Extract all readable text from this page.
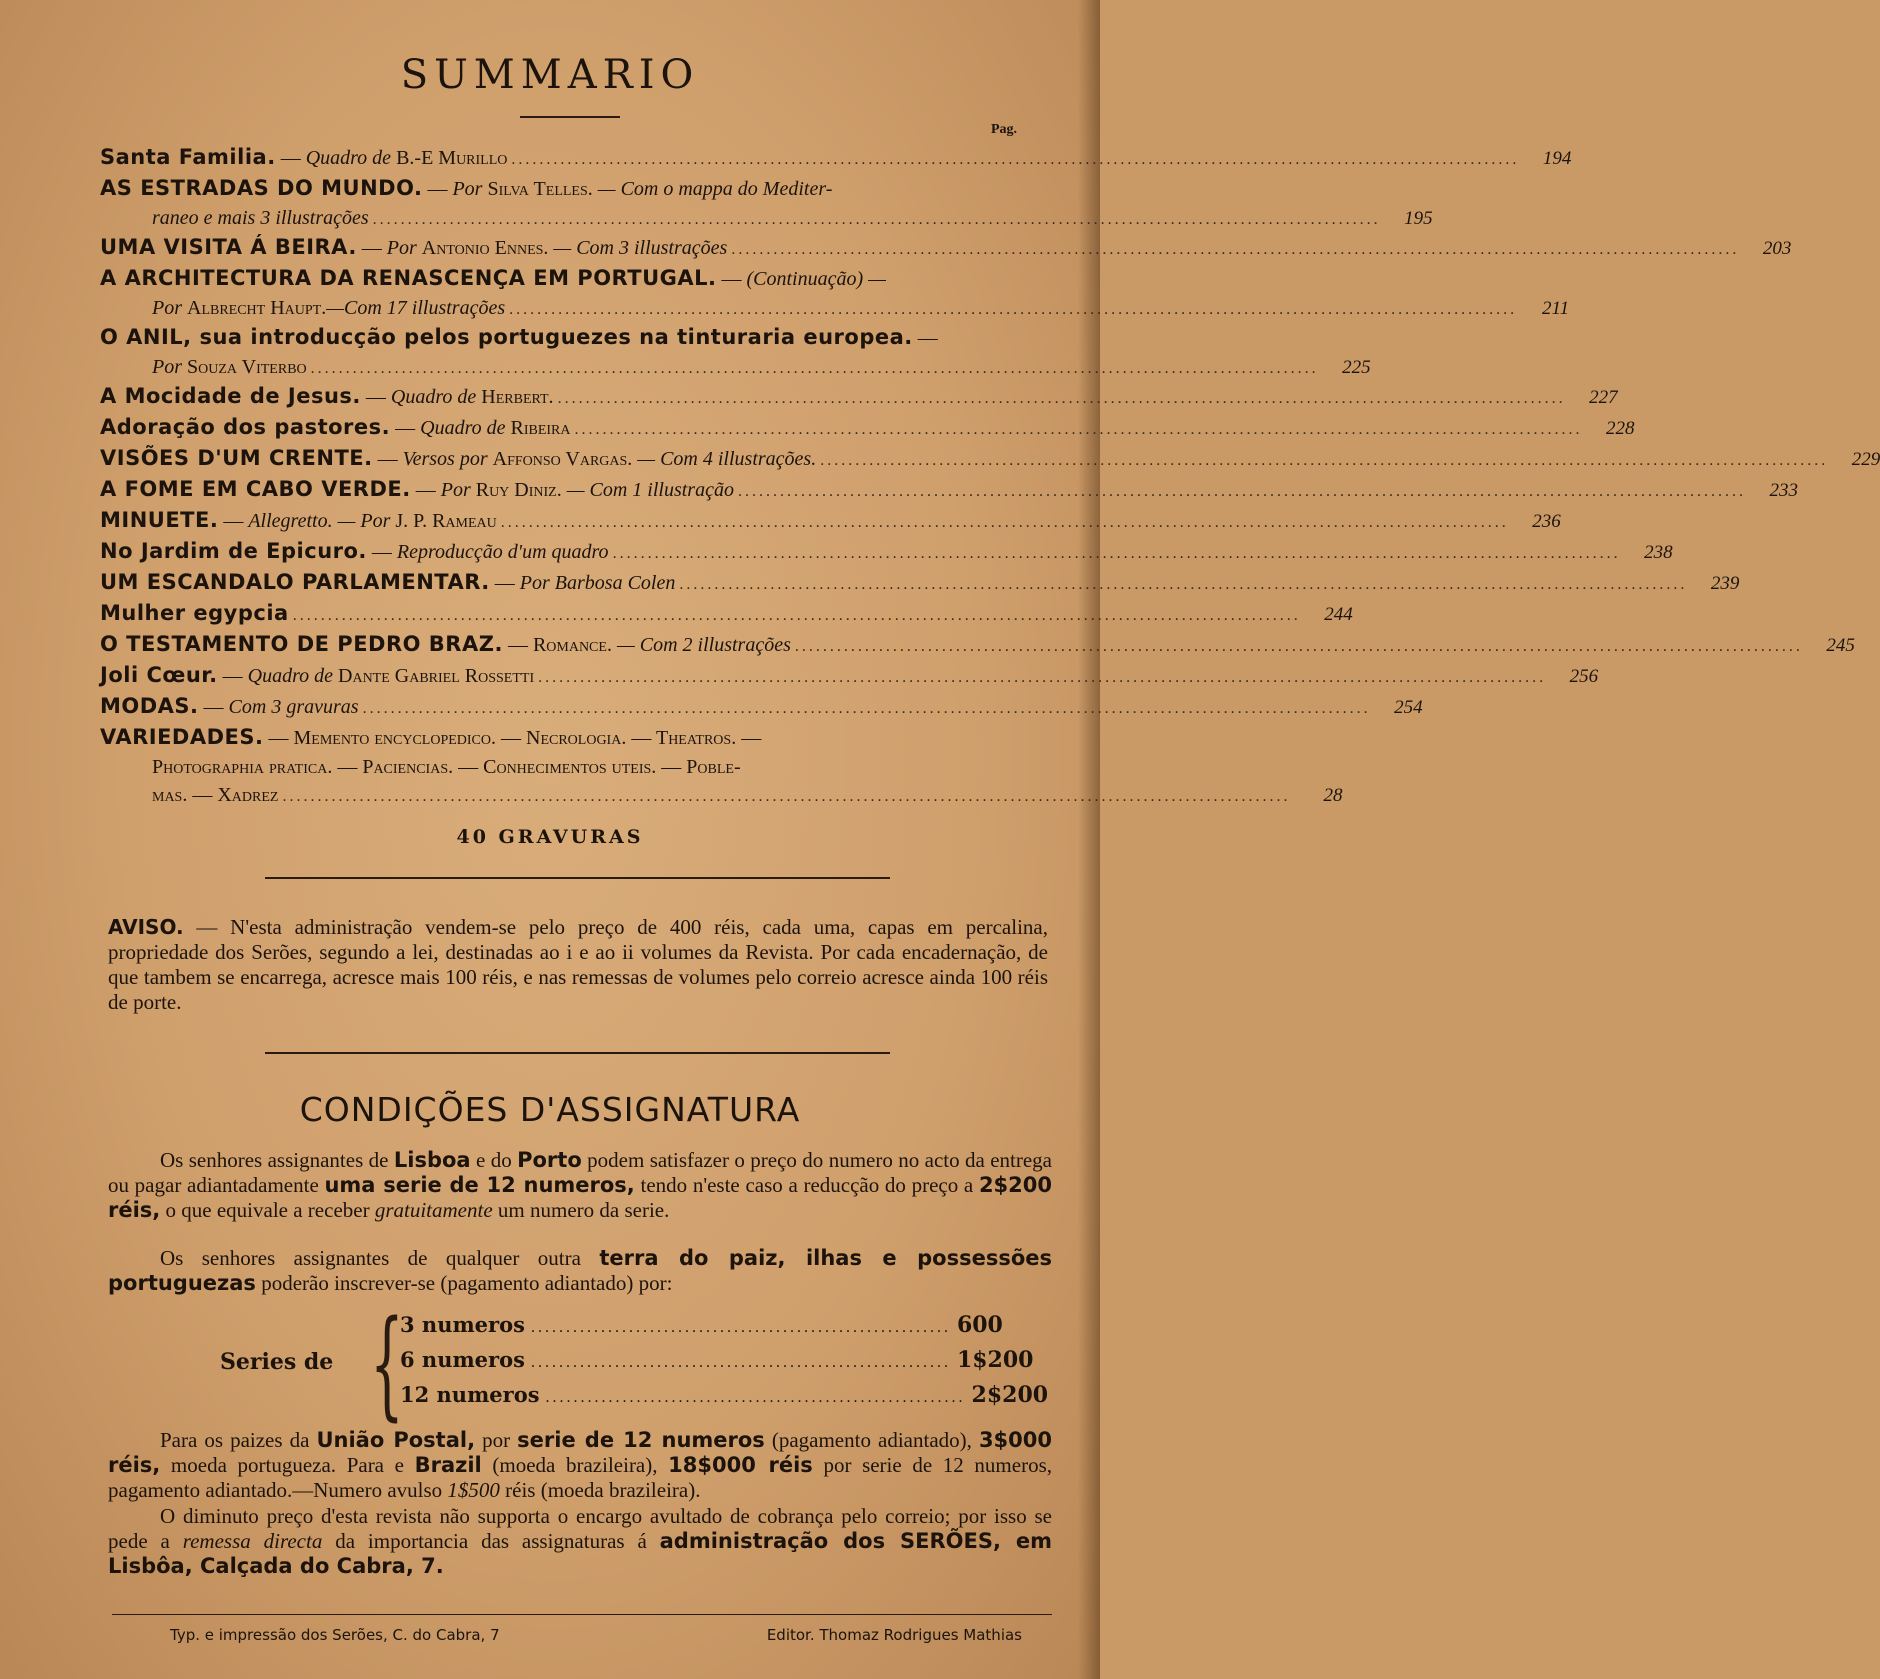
SUMMARIO
Pag.
Santa Familia. — Quadro de B.-E Murillo .....	194
AS ESTRADAS DO MUNDO. — Por Silva Telles. — Com o mappa do Mediter-
raneo e mais 3 illustrações .....	195
UMA VISITA Á BEIRA. — Por Antonio Ennes. — Com 3 illustrações .....	203
A ARCHITECTURA DA RENASCENÇA EM PORTUGAL. — (Continuação) —
Por Albrecht Haupt.—Com 17 illustrações .....	211
O ANIL, sua introducção pelos portuguezes na tinturaria europea. —
Por Souza Viterbo .....	225
A Mocidade de Jesus. — Quadro de Herbert. .....	227
Adoração dos pastores. — Quadro de Ribeira .....	228
VISÕES D'UM CRENTE. — Versos por Affonso Vargas. — Com 4 illustrações. .....	229
A FOME EM CABO VERDE. — Por Ruy Diniz. — Com 1 illustração .....	233
MINUETE. — Allegretto. — Por J. P. Rameau .....	236
No Jardim de Epicuro. — Reproducção d'um quadro .....	238
UM ESCANDALO PARLAMENTAR. — Por Barbosa Colen .....	239
Mulher egypcia .....	244
O TESTAMENTO DE PEDRO BRAZ. — Romance. — Com 2 illustrações .....	245
Joli Cœur. — Quadro de Dante Gabriel Rossetti .....	256
MODAS. — Com 3 gravuras .....	254
VARIEDADES. — Memento encyclopedico. — Necrologia. — Theatros. —
Photographia pratica. — Paciencias. — Conhecimentos uteis. — Poble-
mas. — Xadrez .....	28
40 GRAVURAS
AVISO. — N'esta administração vendem-se pelo preço de 400 réis, cada uma, capas em percalina, propriedade dos Serões, segundo a lei, destinadas ao i e ao ii volumes da Revista. Por cada encadernação, de que tambem se encarrega, acresce mais 100 réis, e nas remessas de volumes pelo correio acresce ainda 100 réis de porte.
CONDIÇÕES D'ASSIGNATURA
Os senhores assignantes de Lisboa e do Porto podem satisfazer o preço do numero no acto da entrega ou pagar adiantadamente uma serie de 12 numeros, tendo n'este caso a reducção do preço a 2$200 réis, o que equivale a receber gratuitamente um numero da serie.
Os senhores assignantes de qualquer outra terra do paiz, ilhas e possessões portuguezas poderão inscrever-se (pagamento adiantado) por:
Series de {
3 numeros .....	600
6 numeros .....	1$200
12 numeros .....	2$200
Para os paizes da União Postal, por serie de 12 numeros (pagamento adiantado), 3$000 réis, moeda portugueza. Para e Brazil (moeda brazileira), 18$000 réis por serie de 12 numeros, pagamento adiantado.—Numero avulso 1$500 réis (moeda brazileira).
O diminuto preço d'esta revista não supporta o encargo avultado de cobrança pelo correio; por isso se pede a remessa directa da importancia das assignaturas á administração dos SERÕES, em Lisbôa, Calçada do Cabra, 7.
Typ. e impressão dos Serões, C. do Cabra, 7	Editor. Thomaz Rodrigues Mathias
